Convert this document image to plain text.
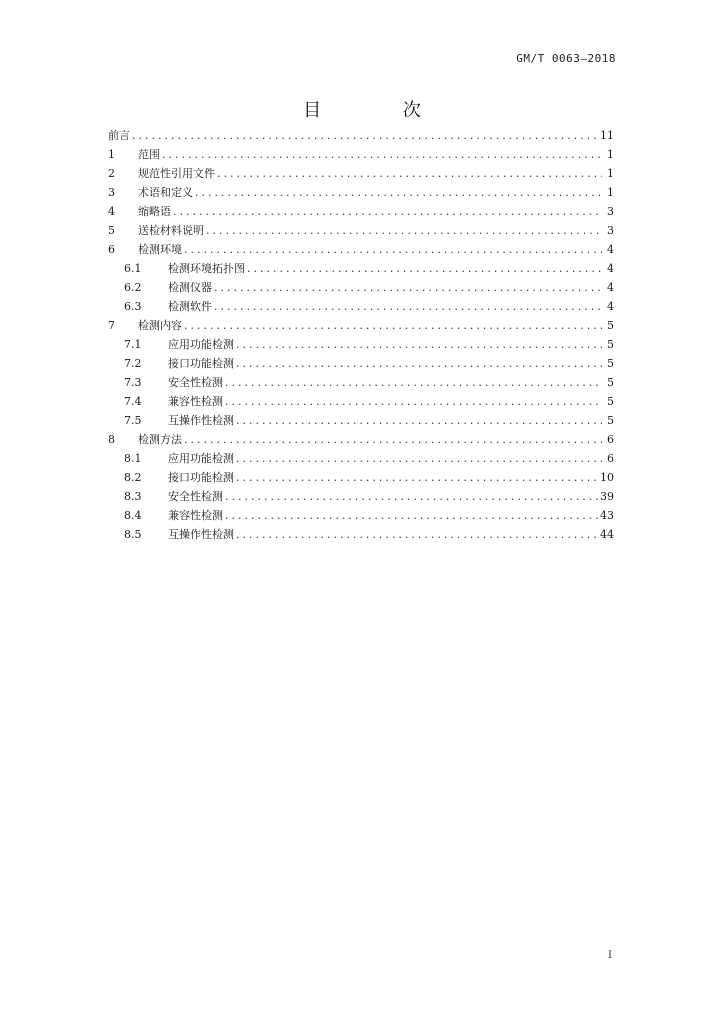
GM/T 0063—2018
目 次
前言 .....	11
1	范围 .....	1
2	规范性引用文件 .....	1
3	术语和定义 .....	1
4	缩略语 .....	3
5	送检材料说明 .....	3
6	检测环境 .....	4
6.1	检测环境拓扑图 .....	4
6.2	检测仪器 .....	4
6.3	检测软件 .....	4
7	检测内容 .....	5
7.1	应用功能检测 .....	5
7.2	接口功能检测 .....	5
7.3	安全性检测 .....	5
7.4	兼容性检测 .....	5
7.5	互操作性检测 .....	5
8	检测方法 .....	6
8.1	应用功能检测 .....	6
8.2	接口功能检测 .....	10
8.3	安全性检测 .....	39
8.4	兼容性检测 .....	43
8.5	互操作性检测 .....	44
I
